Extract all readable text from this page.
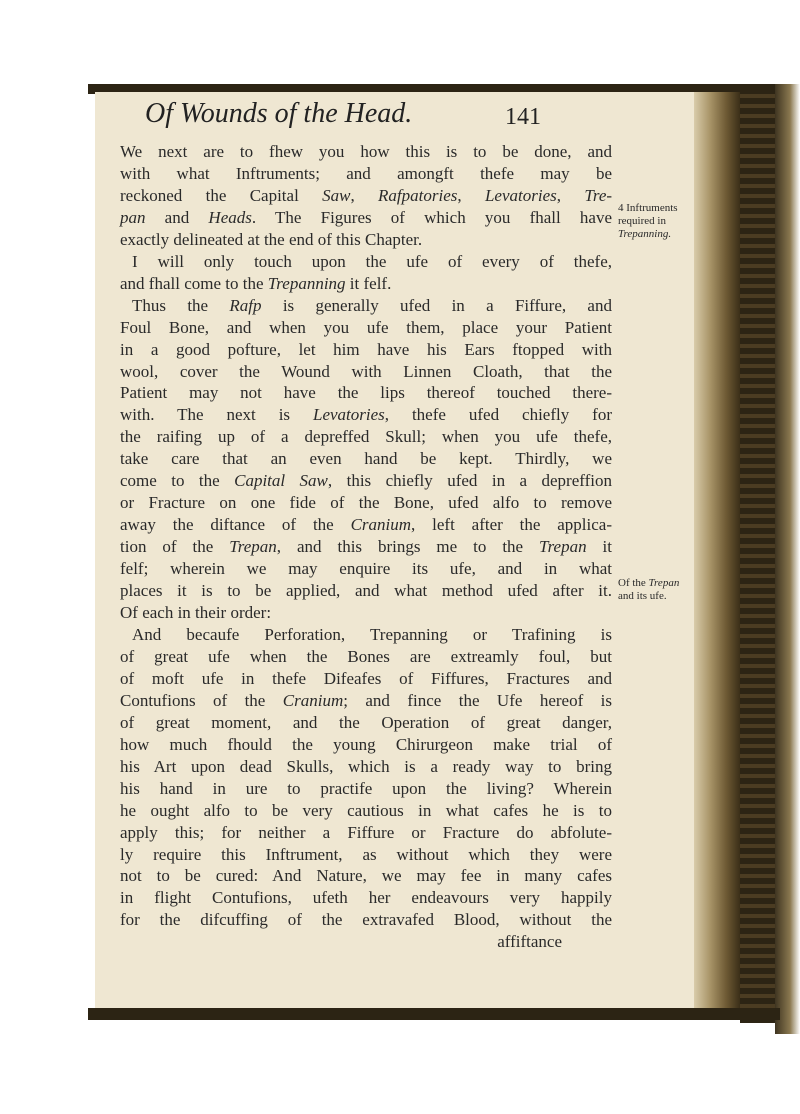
Of Wounds of the Head.	141
We next are to fhew you how this is to be done, and
with what Inftruments; and amongft thefe may be
reckoned the Capital Saw, Rafpatories, Levatories, Tre-
pan and Heads. The Figures of which you fhall have
exactly delineated at the end of this Chapter.
I will only touch upon the ufe of every of thefe,
and fhall come to the Trepanning it felf.
Thus the Rafp is generally ufed in a Fiffure, and
Foul Bone, and when you ufe them, place your Patient
in a good pofture, let him have his Ears ftopped with
wool, cover the Wound with Linnen Cloath, that the
Patient may not have the lips thereof touched there-
with. The next is Levatories, thefe ufed chiefly for
the raifing up of a depreffed Skull; when you ufe thefe,
take care that an even hand be kept. Thirdly, we
come to the Capital Saw, this chiefly ufed in a depreffion
or Fracture on one fide of the Bone, ufed alfo to remove
away the diftance of the Cranium, left after the applica-
tion of the Trepan, and this brings me to the Trepan it
felf; wherein we may enquire its ufe, and in what
places it is to be applied, and what method ufed after it.
Of each in their order:
And becaufe Perforation, Trepanning or Trafining is
of great ufe when the Bones are extreamly foul, but
of moft ufe in thefe Difeafes of Fiffures, Fractures and
Contufions of the Cranium; and fince the Ufe hereof is
of great moment, and the Operation of great danger,
how much fhould the young Chirurgeon make trial of
his Art upon dead Skulls, which is a ready way to bring
his hand in ure to practife upon the living? Wherein
he ought alfo to be very cautious in what cafes he is to
apply this; for neither a Fiffure or Fracture do abfolute-
ly require this Inftrument, as without which they were
not to be cured: And Nature, we may fee in many cafes
in flight Contufions, ufeth her endeavours very happily
for the difcuffing of the extravafed Blood, without the
affiftance
4 Inftruments
required in
Trepanning.
Of the Trepan
and its ufe.
